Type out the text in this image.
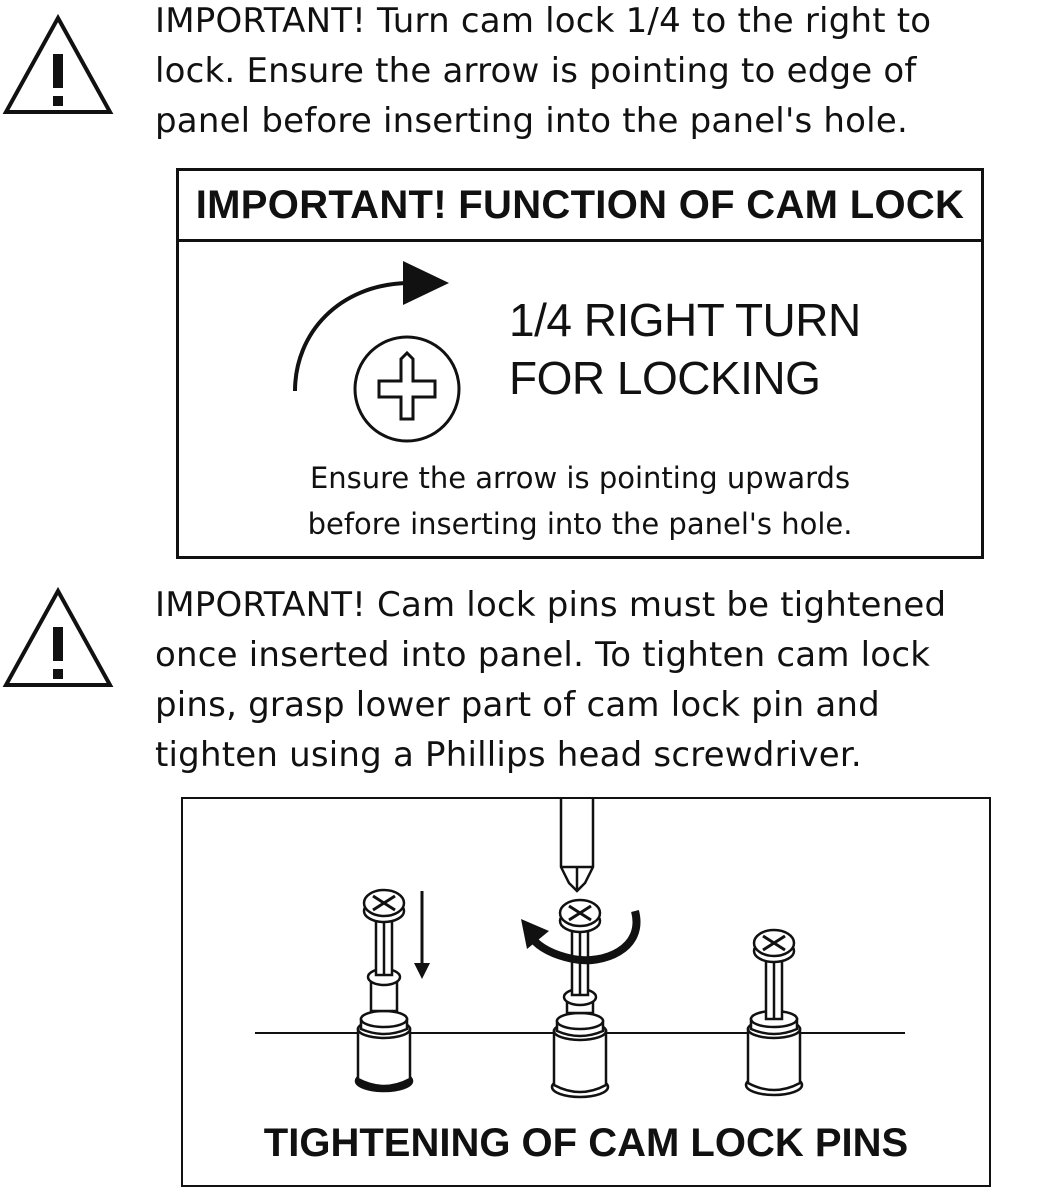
IMPORTANT! Turn cam lock 1/4 to the right to
lock. Ensure the arrow is pointing to edge of
panel before inserting into the panel's hole.
IMPORTANT! FUNCTION OF CAM LOCK
1/4 RIGHT TURN
FOR LOCKING
Ensure the arrow is pointing upwards
before inserting into the panel's hole.
IMPORTANT! Cam lock pins must be tightened
once inserted into panel. To tighten cam lock
pins, grasp lower part of cam lock pin and
tighten using a Phillips head screwdriver.
TIGHTENING OF CAM LOCK PINS
